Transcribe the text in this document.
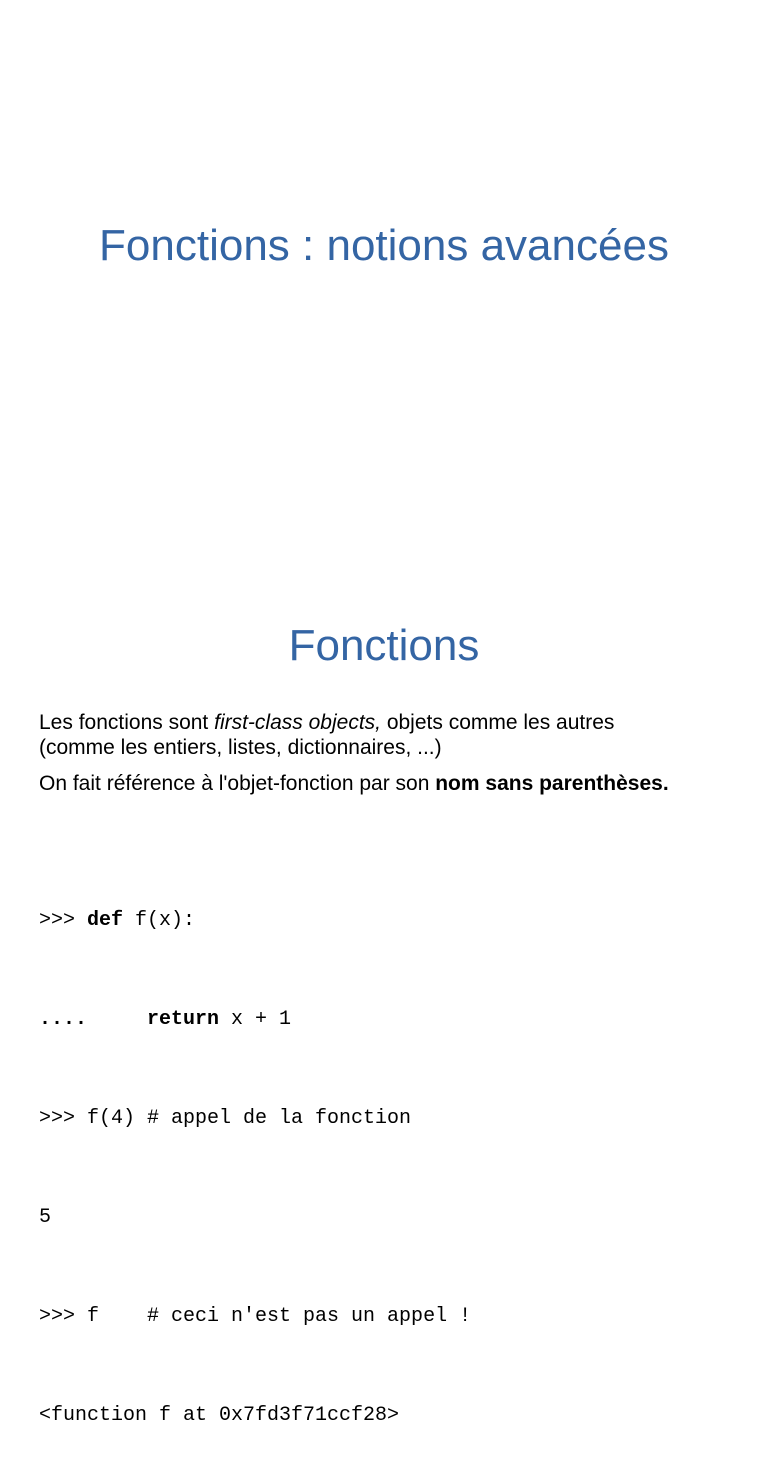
Fonctions : notions avancées
Fonctions

Les fonctions sont first-class objects, objets comme les autres
(comme les entiers, listes, dictionnaires, ...)

On fait référence à l'objet-fonction par son nom sans parenthèses.

>>> def f(x):

....	return x + 1

>>> f(4) # appel de la fonction

5

>>> f    # ceci n'est pas un appel !

<function f at 0x7fd3f71ccf28>
